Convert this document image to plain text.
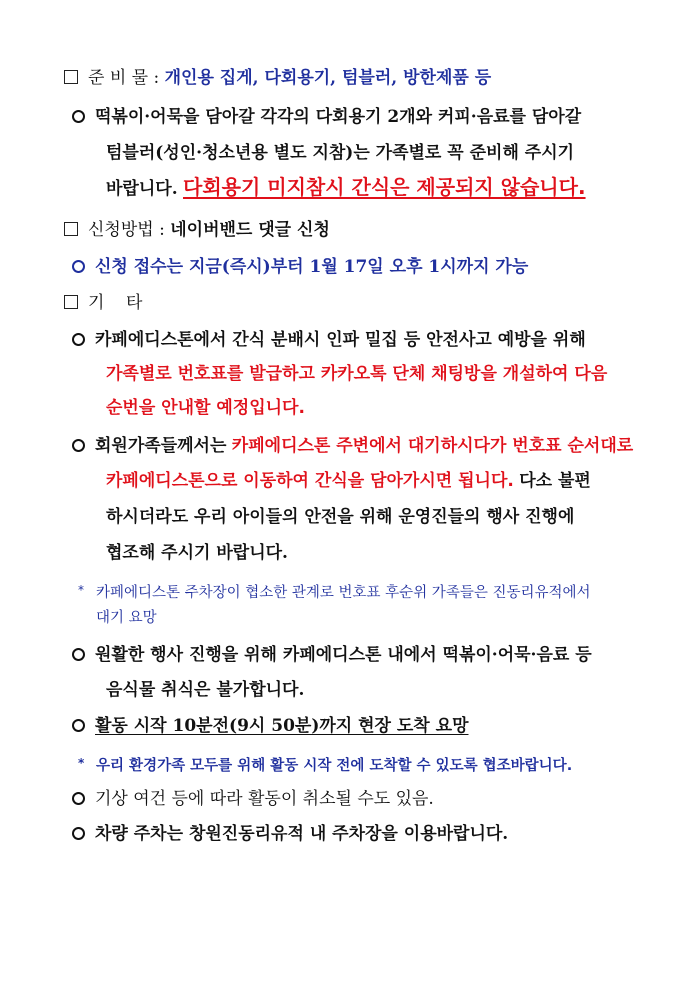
준 비 물 : 개인용 집게, 다회용기, 텀블러, 방한제품 등
떡볶이·어묵을 담아갈 각각의 다회용기 2개와 커피·음료를 담아갈
텀블러(성인·청소년용 별도 지참)는 가족별로 꼭 준비해 주시기
바랍니다. 다회용기 미지참시 간식은 제공되지 않습니다.
신청방법 : 네이버밴드 댓글 신청
신청 접수는 지금(즉시)부터 1월 17일 오후 1시까지 가능
기    타
카페에디스톤에서 간식 분배시 인파 밀집 등 안전사고 예방을 위해
가족별로 번호표를 발급하고 카카오톡 단체 채팅방을 개설하여 다음
순번을 안내할 예정입니다.
회원가족들께서는 카페에디스톤 주변에서 대기하시다가 번호표 순서대로
카페에디스톤으로 이동하여 간식을 담아가시면 됩니다. 다소 불편
하시더라도 우리 아이들의 안전을 위해 운영진들의 행사 진행에
협조해 주시기 바랍니다.
* 카페에디스톤 주차장이 협소한 관계로 번호표 후순위 가족들은 진동리유적에서
대기 요망
원활한 행사 진행을 위해 카페에디스톤 내에서 떡볶이·어묵·음료 등
음식물 취식은 불가합니다.
활동 시작 10분전(9시 50분)까지 현장 도착 요망
* 우리 환경가족 모두를 위해 활동 시작 전에 도착할 수 있도록 협조바랍니다.
기상 여건 등에 따라 활동이 취소될 수도 있음.
차량 주차는 창원진동리유적 내 주차장을 이용바랍니다.
